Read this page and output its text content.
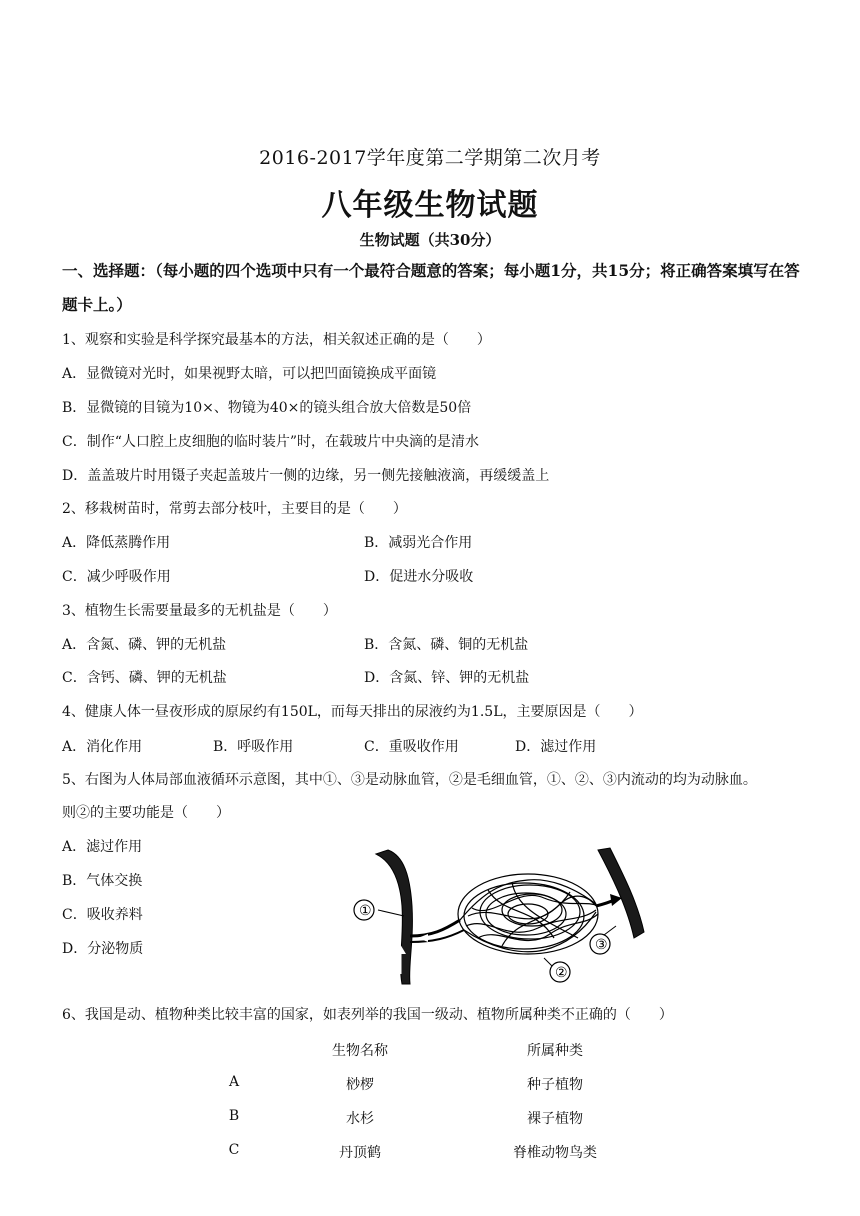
2016-2017学年度第二学期第二次月考
八年级生物试题
生物试题（共30分）
一、选择题：（每小题的四个选项中只有一个最符合题意的答案；每小题1分，共15分；将正确答案填写在答题卡上。）
1、观察和实验是科学探究最基本的方法，相关叙述正确的是（　　）
A．显微镜对光时，如果视野太暗，可以把凹面镜换成平面镜
B．显微镜的目镜为10×、物镜为40×的镜头组合放大倍数是50倍
C．制作“人口腔上皮细胞的临时装片”时，在载玻片中央滴的是清水
D．盖盖玻片时用镊子夹起盖玻片一侧的边缘，另一侧先接触液滴，再缓缓盖上
2、移栽树苗时，常剪去部分枝叶，主要目的是（　　）
A．降低蒸腾作用	B．减弱光合作用
C．减少呼吸作用	D．促进水分吸收
3、植物生长需要量最多的无机盐是（　　）
A．含氮、磷、钾的无机盐	B．含氮、磷、铜的无机盐
C．含钙、磷、钾的无机盐	D．含氮、锌、钾的无机盐
4、健康人体一昼夜形成的原尿约有150L，而每天排出的尿液约为1.5L，主要原因是（　　）
A．消化作用	B．呼吸作用	C．重吸收作用	D．滤过作用
5、右图为人体局部血液循环示意图，其中①、③是动脉血管，②是毛细血管，①、②、③内流动的均为动脉血。
则②的主要功能是（　　）
A．滤过作用
B．气体交换
C．吸收养料
D．分泌物质
①
②
③
6、我国是动、植物种类比较丰富的国家，如表列举的我国一级动、植物所属种类不正确的（　　）
生物名称	所属种类
A	桫椤	种子植物
B	水杉	裸子植物
C	丹顶鹤	脊椎动物鸟类
